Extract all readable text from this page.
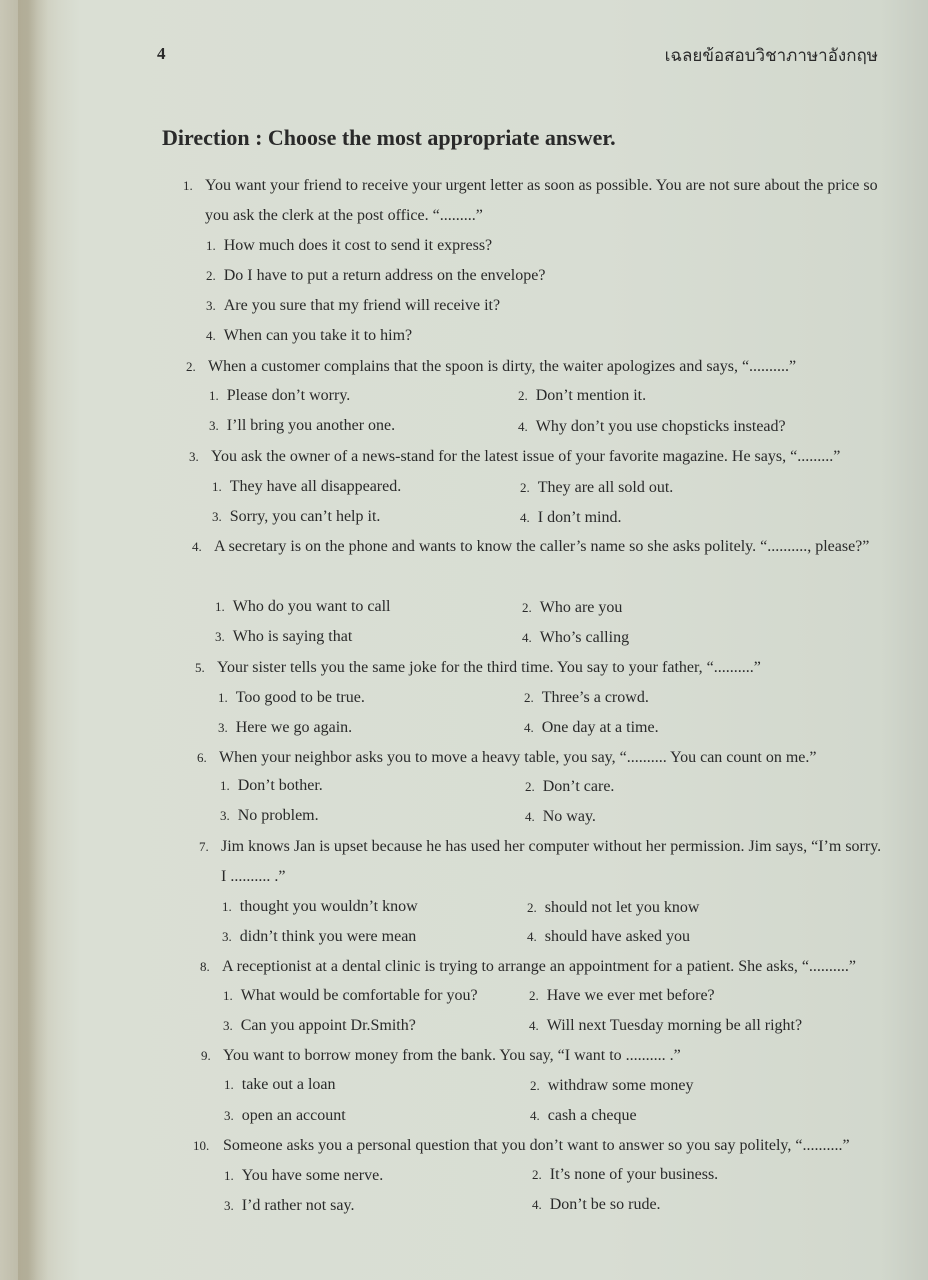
4	เฉลยข้อสอบวิชาภาษาอังกฤษ
Direction : Choose the most appropriate answer.
1. You want your friend to receive your urgent letter as soon as possible. You are not sure about the price so you ask the clerk at the post office. “.........”
1. How much does it cost to send it express?
2. Do I have to put a return address on the envelope?
3. Are you sure that my friend will receive it?
4. When can you take it to him?
2. When a customer complains that the spoon is dirty, the waiter apologizes and says, “..........”
1. Please don’t worry.	2. Don’t mention it.
3. I’ll bring you another one.	4. Why don’t you use chopsticks instead?
3. You ask the owner of a news-stand for the latest issue of your favorite magazine. He says, “.........”
1. They have all disappeared.	2. They are all sold out.
3. Sorry, you can’t help it.	4. I don’t mind.
4. A secretary is on the phone and wants to know the caller’s name so she asks politely. “.........., please?”
1. Who do you want to call	2. Who are you
3. Who is saying that	4. Who’s calling
5. Your sister tells you the same joke for the third time. You say to your father, “..........”
1. Too good to be true.	2. Three’s a crowd.
3. Here we go again.	4. One day at a time.
6. When your neighbor asks you to move a heavy table, you say, “.......... You can count on me.”
1. Don’t bother.	2. Don’t care.
3. No problem.	4. No way.
7. Jim knows Jan is upset because he has used her computer without her permission. Jim says, “I’m sorry. I .......... .”
1. thought you wouldn’t know	2. should not let you know
3. didn’t think you were mean	4. should have asked you
8. A receptionist at a dental clinic is trying to arrange an appointment for a patient. She asks, “..........”
1. What would be comfortable for you?	2. Have we ever met before?
3. Can you appoint Dr.Smith?	4. Will next Tuesday morning be all right?
9. You want to borrow money from the bank. You say, “I want to .......... .”
1. take out a loan	2. withdraw some money
3. open an account	4. cash a cheque
10. Someone asks you a personal question that you don’t want to answer so you say politely, “..........”
1. You have some nerve.	2. It’s none of your business.
3. I’d rather not say.	4. Don’t be so rude.
